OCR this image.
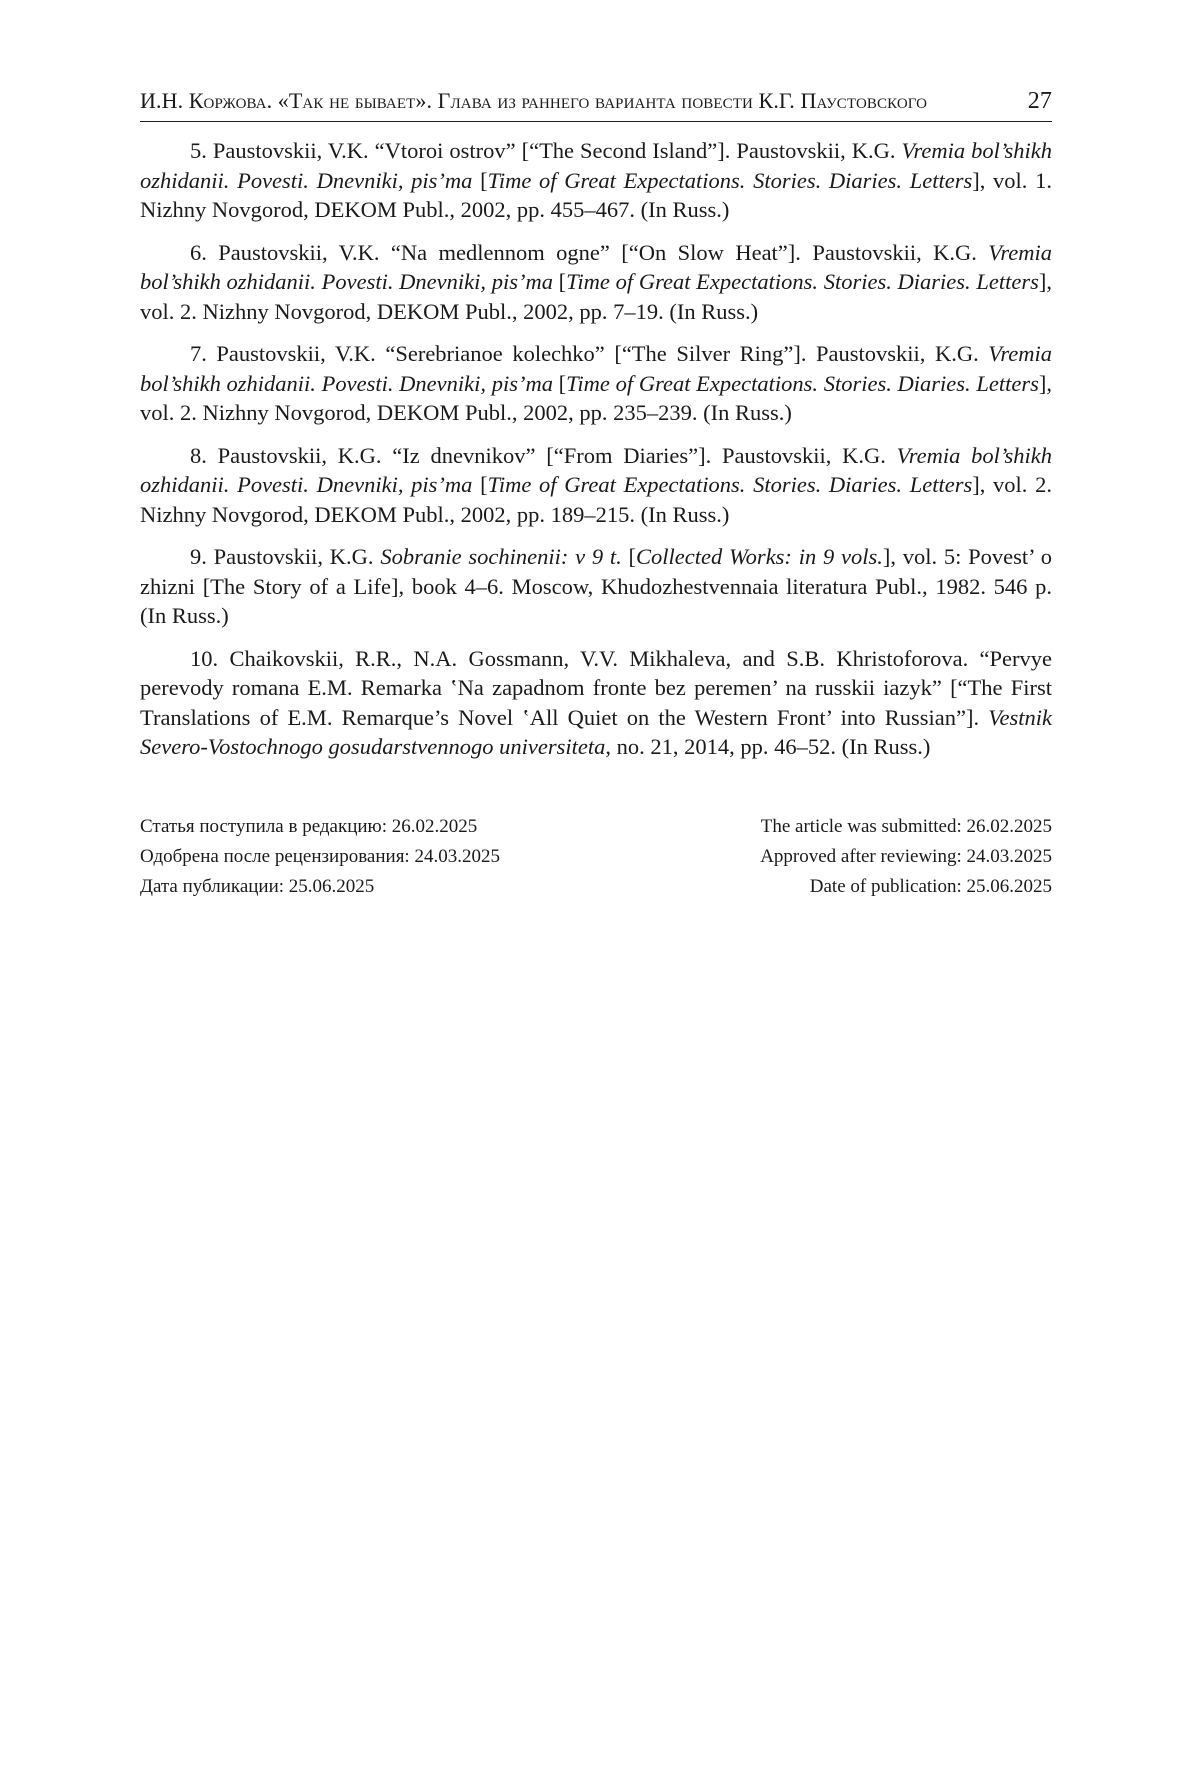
И.Н. Коржова. «Так не бывает». Глава из раннего варианта повести К.Г. Паустовского	27

5. Paustovskii, V.K. “Vtoroi ostrov” [“The Second Island”]. Paustovskii, K.G. Vremia bol’shikh ozhidanii. Povesti. Dnevniki, pis’ma [Time of Great Expectations. Stories. Diaries. Letters], vol. 1. Nizhny Novgorod, DEKOM Publ., 2002, pp. 455–467. (In Russ.)

6. Paustovskii, V.K. “Na medlennom ogne” [“On Slow Heat”]. Paustovskii, K.G. Vremia bol’shikh ozhidanii. Povesti. Dnevniki, pis’ma [Time of Great Expectations. Stories. Diaries. Letters], vol. 2. Nizhny Novgorod, DEKOM Publ., 2002, pp. 7–19. (In Russ.)

7. Paustovskii, V.K. “Serebrianoe kolechko” [“The Silver Ring”]. Paustovskii, K.G. Vremia bol’shikh ozhidanii. Povesti. Dnevniki, pis’ma [Time of Great Expectations. Stories. Diaries. Letters], vol. 2. Nizhny Novgorod, DEKOM Publ., 2002, pp. 235–239. (In Russ.)

8. Paustovskii, K.G. “Iz dnevnikov” [“From Diaries”]. Paustovskii, K.G. Vremia bol’shikh ozhidanii. Povesti. Dnevniki, pis’ma [Time of Great Expectations. Stories. Diaries. Letters], vol. 2. Nizhny Novgorod, DEKOM Publ., 2002, pp. 189–215. (In Russ.)

9. Paustovskii, K.G. Sobranie sochinenii: v 9 t. [Collected Works: in 9 vols.], vol. 5: Povest’ o zhizni [The Story of a Life], book 4–6. Moscow, Khudozhestvennaia literatura Publ., 1982. 546 p. (In Russ.)

10. Chaikovskii, R.R., N.A. Gossmann, V.V. Mikhaleva, and S.B. Khristoforova. “Pervye perevody romana E.M. Remarka ʽNa zapadnom fronte bez peremen’ na russkii iazyk” [“The First Translations of E.M. Remarque’s Novel ʽAll Quiet on the Western Front’ into Russian”]. Vestnik Severo-Vostochnogo gosudarstvennogo universiteta, no. 21, 2014, pp. 46–52. (In Russ.)

Статья поступила в редакцию: 26.02.2025
Одобрена после рецензирования: 24.03.2025
Дата публикации: 25.06.2025
The article was submitted: 26.02.2025
Approved after reviewing: 24.03.2025
Date of publication: 25.06.2025
